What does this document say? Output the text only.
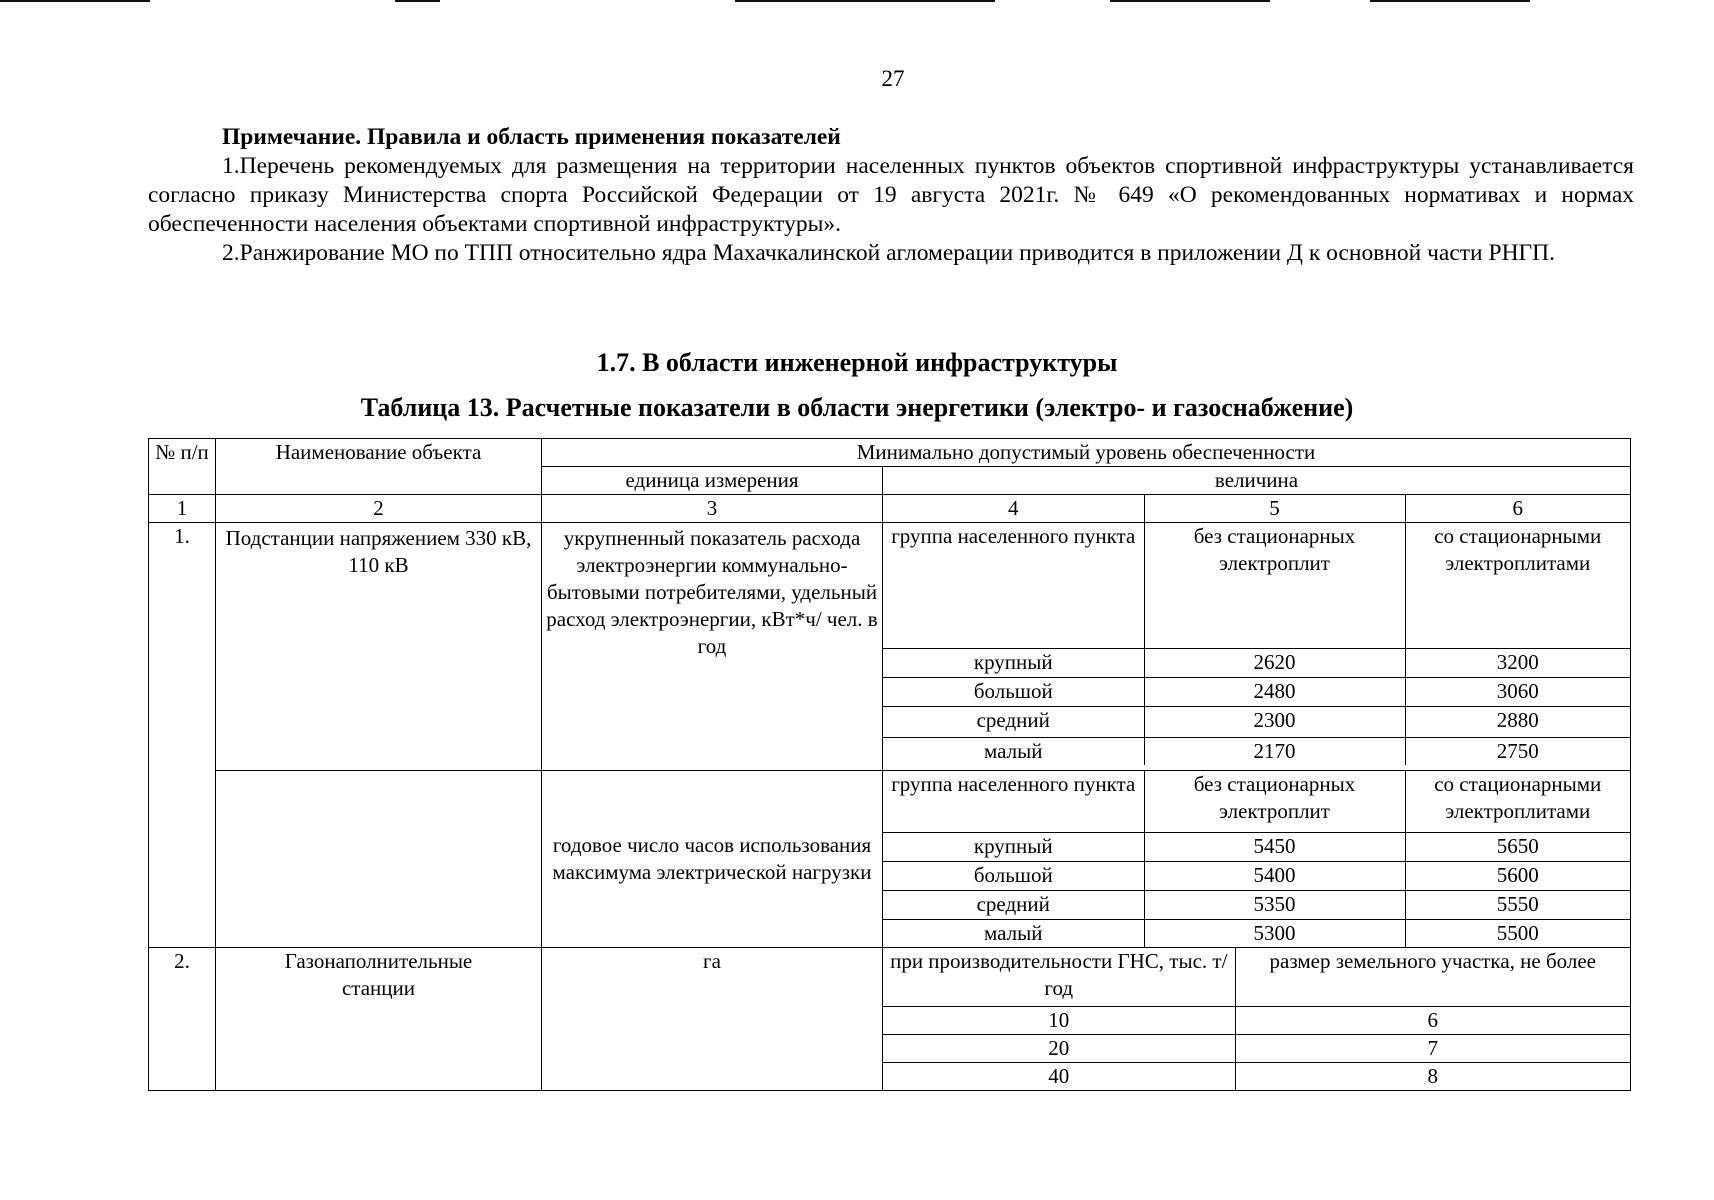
27
Примечание. Правила и область применения показателей

1.Перечень рекомендуемых для размещения на территории населенных пунктов объектов спортивной инфраструктуры устанавливается согласно приказу Министерства спорта Российской Федерации от 19 августа 2021г. № 649 «О рекомендованных нормативах и нормах обеспеченности населения объектами спортивной инфраструктуры».

2.Ранжирование МО по ТПП относительно ядра Махачкалинской агломерации приводится в приложении Д к основной части РНГП.

1.7. В области инженерной инфраструктуры
Таблица 13. Расчетные показатели в области энергетики (электро- и газоснабжение)
№ п/п	Наименование объекта	Минимально допустимый уровень обеспеченности
единица измерения	величина
1	2	3		4	5	6

1.	Подстанции напряжением 330 кВ, 110 кВ	укрупненный показатель расхода электроэнергии коммунально-бытовыми потребителями, удельный расход электроэнергии, кВт*ч/ чел. в год	
группа населенного пункта	без стационарных электроплит	со стационарными электроплитами
крупный	2620	3200
большой	2480	3060
средний	2300	2880
малый	2170	2750

	годовое число часов использования максимума электрической нагрузки	
группа населенного пункта	без стационарных электроплит	со стационарными электроплитами
крупный	5450	5650
большой	5400	5600
средний	5350	5550
малый	5300	5500

2.	Газонаполнительные станции	га		при производительности ГНС, тыс. т/год	размер земельного участка, не более
10	6
20	7
40	8
